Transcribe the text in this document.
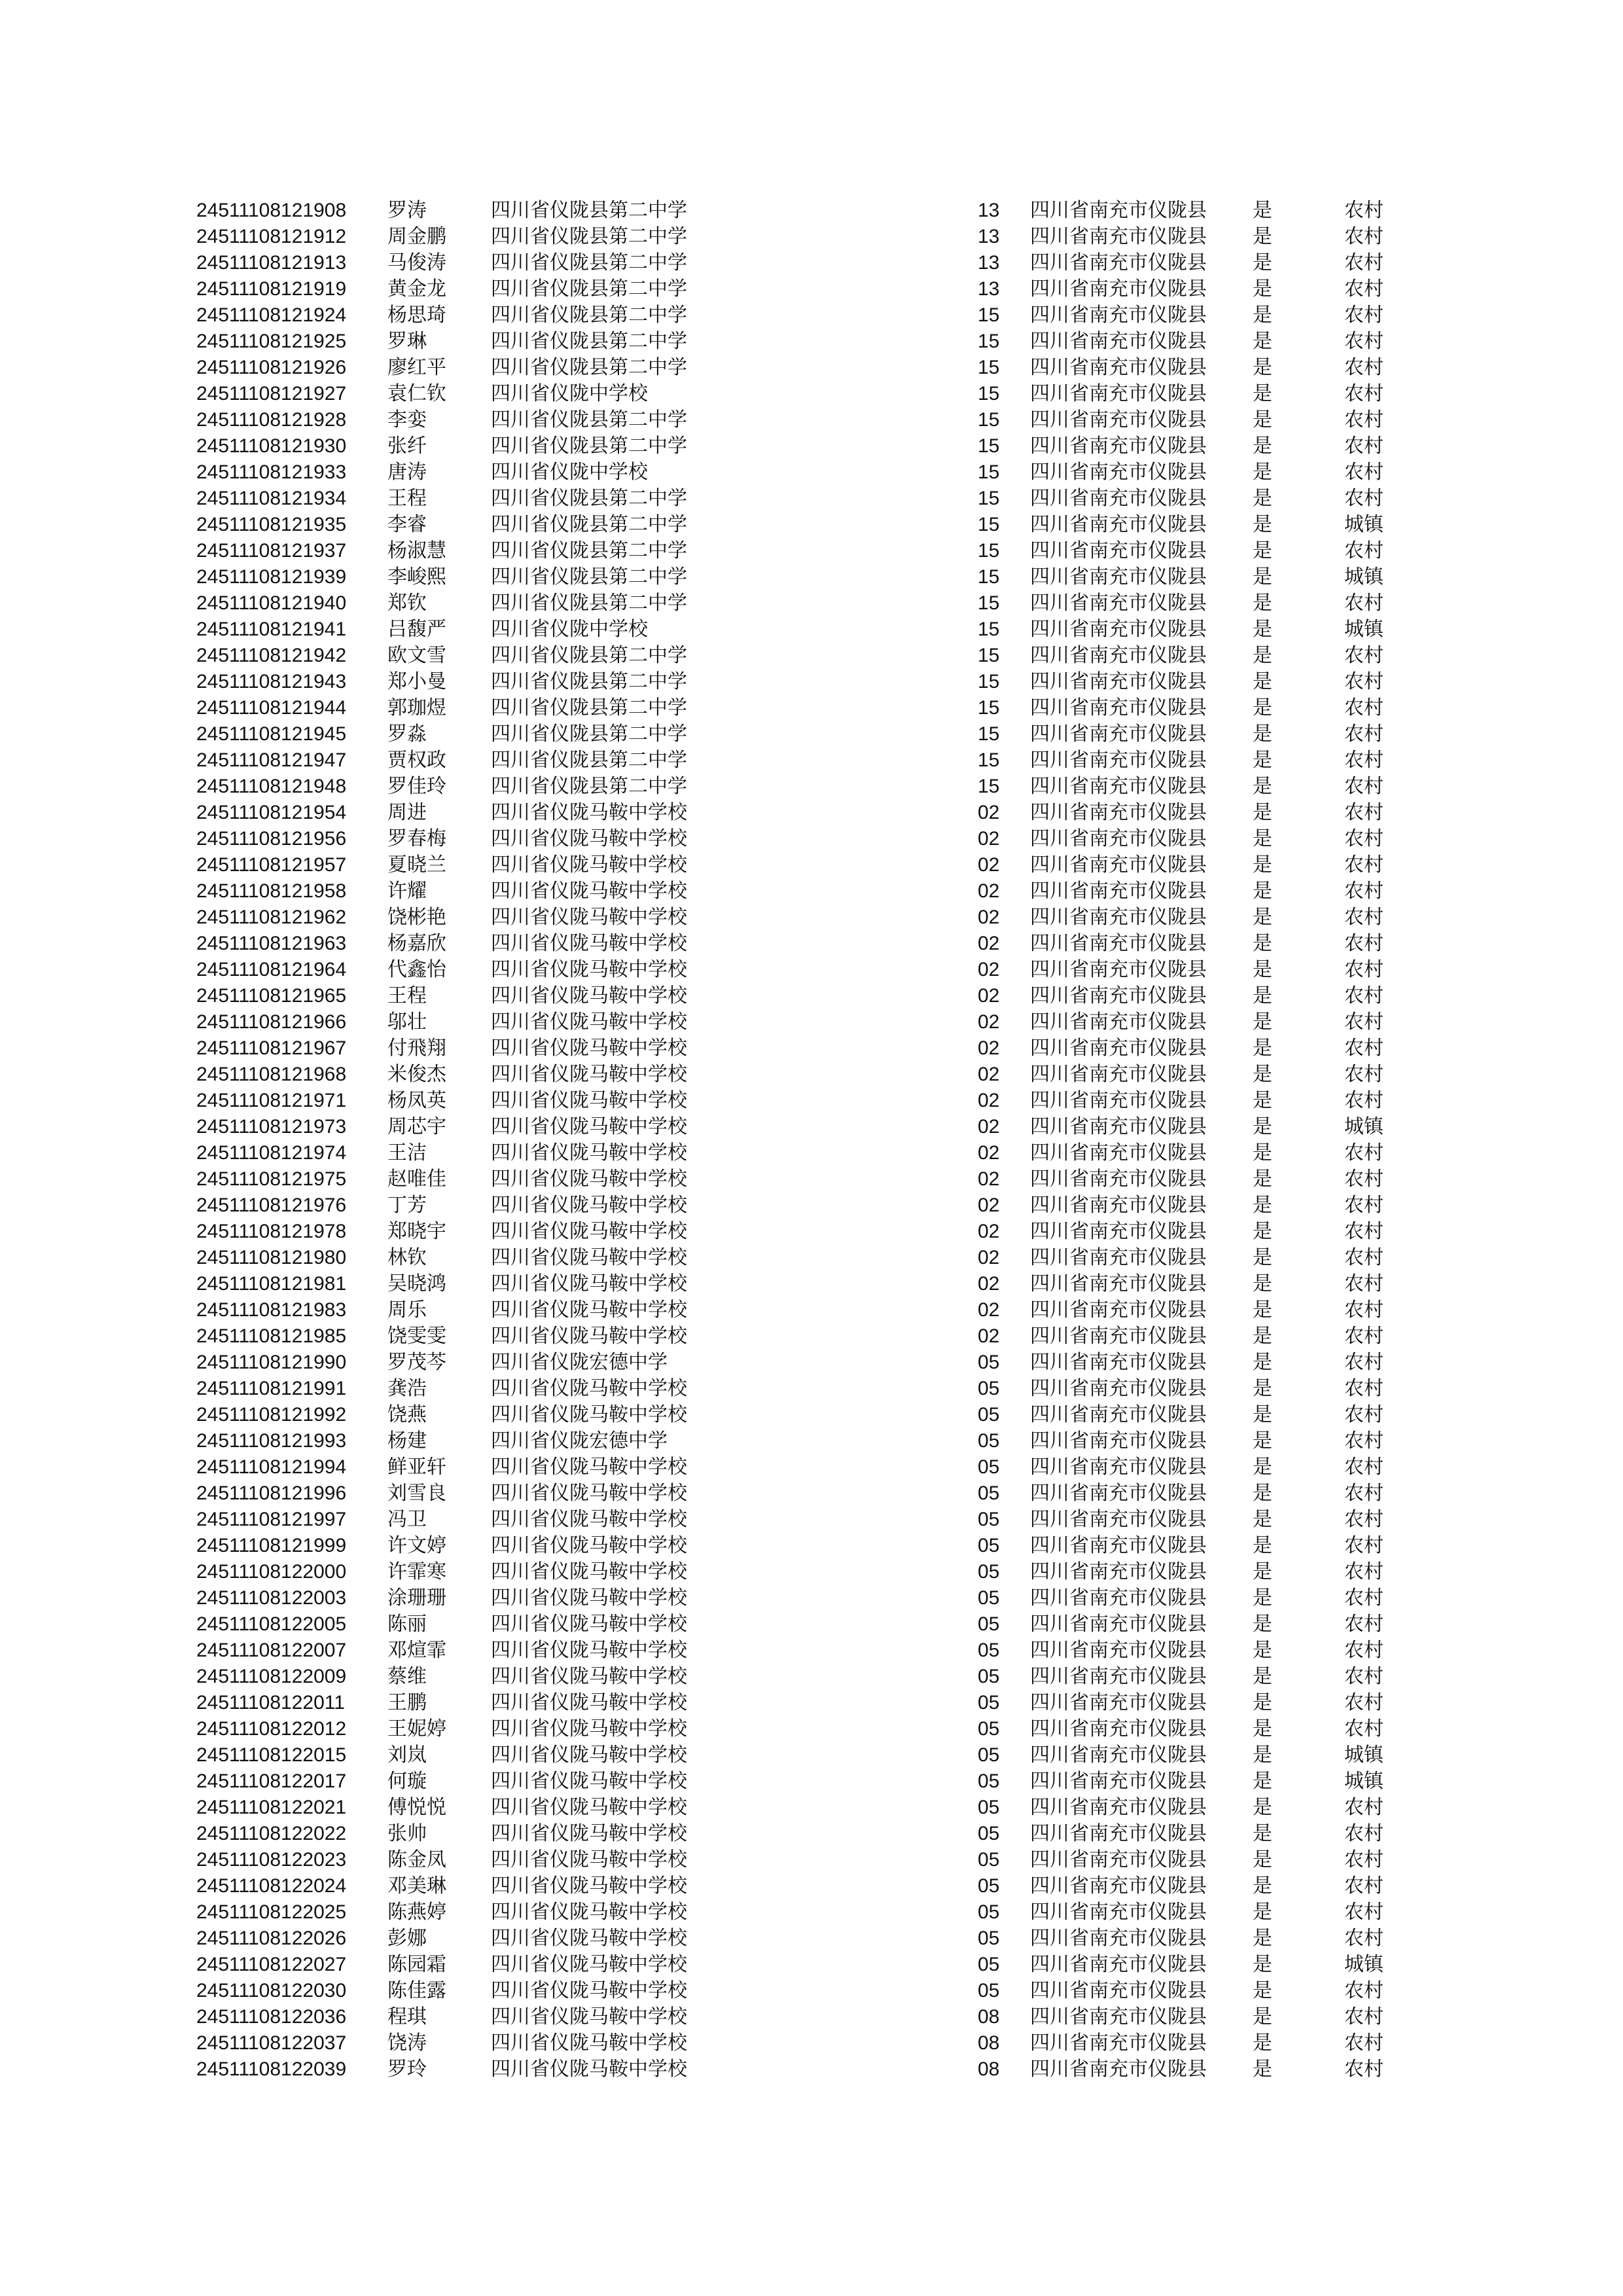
24511108121908	罗涛	四川省仪陇县第二中学	13	四川省南充市仪陇县	是	农村
24511108121912	周金鹏	四川省仪陇县第二中学	13	四川省南充市仪陇县	是	农村
24511108121913	马俊涛	四川省仪陇县第二中学	13	四川省南充市仪陇县	是	农村
24511108121919	黄金龙	四川省仪陇县第二中学	13	四川省南充市仪陇县	是	农村
24511108121924	杨思琦	四川省仪陇县第二中学	15	四川省南充市仪陇县	是	农村
24511108121925	罗琳	四川省仪陇县第二中学	15	四川省南充市仪陇县	是	农村
24511108121926	廖红平	四川省仪陇县第二中学	15	四川省南充市仪陇县	是	农村
24511108121927	袁仁钦	四川省仪陇中学校	15	四川省南充市仪陇县	是	农村
24511108121928	李娈	四川省仪陇县第二中学	15	四川省南充市仪陇县	是	农村
24511108121930	张纤	四川省仪陇县第二中学	15	四川省南充市仪陇县	是	农村
24511108121933	唐涛	四川省仪陇中学校	15	四川省南充市仪陇县	是	农村
24511108121934	王程	四川省仪陇县第二中学	15	四川省南充市仪陇县	是	农村
24511108121935	李睿	四川省仪陇县第二中学	15	四川省南充市仪陇县	是	城镇
24511108121937	杨淑慧	四川省仪陇县第二中学	15	四川省南充市仪陇县	是	农村
24511108121939	李峻熙	四川省仪陇县第二中学	15	四川省南充市仪陇县	是	城镇
24511108121940	郑钦	四川省仪陇县第二中学	15	四川省南充市仪陇县	是	农村
24511108121941	吕馥严	四川省仪陇中学校	15	四川省南充市仪陇县	是	城镇
24511108121942	欧文雪	四川省仪陇县第二中学	15	四川省南充市仪陇县	是	农村
24511108121943	郑小曼	四川省仪陇县第二中学	15	四川省南充市仪陇县	是	农村
24511108121944	郭珈煜	四川省仪陇县第二中学	15	四川省南充市仪陇县	是	农村
24511108121945	罗淼	四川省仪陇县第二中学	15	四川省南充市仪陇县	是	农村
24511108121947	贾权政	四川省仪陇县第二中学	15	四川省南充市仪陇县	是	农村
24511108121948	罗佳玲	四川省仪陇县第二中学	15	四川省南充市仪陇县	是	农村
24511108121954	周进	四川省仪陇马鞍中学校	02	四川省南充市仪陇县	是	农村
24511108121956	罗春梅	四川省仪陇马鞍中学校	02	四川省南充市仪陇县	是	农村
24511108121957	夏晓兰	四川省仪陇马鞍中学校	02	四川省南充市仪陇县	是	农村
24511108121958	许耀	四川省仪陇马鞍中学校	02	四川省南充市仪陇县	是	农村
24511108121962	饶彬艳	四川省仪陇马鞍中学校	02	四川省南充市仪陇县	是	农村
24511108121963	杨嘉欣	四川省仪陇马鞍中学校	02	四川省南充市仪陇县	是	农村
24511108121964	代鑫怡	四川省仪陇马鞍中学校	02	四川省南充市仪陇县	是	农村
24511108121965	王程	四川省仪陇马鞍中学校	02	四川省南充市仪陇县	是	农村
24511108121966	邬壮	四川省仪陇马鞍中学校	02	四川省南充市仪陇县	是	农村
24511108121967	付飛翔	四川省仪陇马鞍中学校	02	四川省南充市仪陇县	是	农村
24511108121968	米俊杰	四川省仪陇马鞍中学校	02	四川省南充市仪陇县	是	农村
24511108121971	杨凤英	四川省仪陇马鞍中学校	02	四川省南充市仪陇县	是	农村
24511108121973	周芯宇	四川省仪陇马鞍中学校	02	四川省南充市仪陇县	是	城镇
24511108121974	王洁	四川省仪陇马鞍中学校	02	四川省南充市仪陇县	是	农村
24511108121975	赵唯佳	四川省仪陇马鞍中学校	02	四川省南充市仪陇县	是	农村
24511108121976	丁芳	四川省仪陇马鞍中学校	02	四川省南充市仪陇县	是	农村
24511108121978	郑晓宇	四川省仪陇马鞍中学校	02	四川省南充市仪陇县	是	农村
24511108121980	林钦	四川省仪陇马鞍中学校	02	四川省南充市仪陇县	是	农村
24511108121981	吴晓鸿	四川省仪陇马鞍中学校	02	四川省南充市仪陇县	是	农村
24511108121983	周乐	四川省仪陇马鞍中学校	02	四川省南充市仪陇县	是	农村
24511108121985	饶雯雯	四川省仪陇马鞍中学校	02	四川省南充市仪陇县	是	农村
24511108121990	罗茂芩	四川省仪陇宏德中学	05	四川省南充市仪陇县	是	农村
24511108121991	龚浩	四川省仪陇马鞍中学校	05	四川省南充市仪陇县	是	农村
24511108121992	饶燕	四川省仪陇马鞍中学校	05	四川省南充市仪陇县	是	农村
24511108121993	杨建	四川省仪陇宏德中学	05	四川省南充市仪陇县	是	农村
24511108121994	鲜亚轩	四川省仪陇马鞍中学校	05	四川省南充市仪陇县	是	农村
24511108121996	刘雪良	四川省仪陇马鞍中学校	05	四川省南充市仪陇县	是	农村
24511108121997	冯卫	四川省仪陇马鞍中学校	05	四川省南充市仪陇县	是	农村
24511108121999	许文婷	四川省仪陇马鞍中学校	05	四川省南充市仪陇县	是	农村
24511108122000	许霏寒	四川省仪陇马鞍中学校	05	四川省南充市仪陇县	是	农村
24511108122003	涂珊珊	四川省仪陇马鞍中学校	05	四川省南充市仪陇县	是	农村
24511108122005	陈丽	四川省仪陇马鞍中学校	05	四川省南充市仪陇县	是	农村
24511108122007	邓煊霏	四川省仪陇马鞍中学校	05	四川省南充市仪陇县	是	农村
24511108122009	蔡维	四川省仪陇马鞍中学校	05	四川省南充市仪陇县	是	农村
24511108122011	王鹏	四川省仪陇马鞍中学校	05	四川省南充市仪陇县	是	农村
24511108122012	王妮婷	四川省仪陇马鞍中学校	05	四川省南充市仪陇县	是	农村
24511108122015	刘岚	四川省仪陇马鞍中学校	05	四川省南充市仪陇县	是	城镇
24511108122017	何璇	四川省仪陇马鞍中学校	05	四川省南充市仪陇县	是	城镇
24511108122021	傅悦悦	四川省仪陇马鞍中学校	05	四川省南充市仪陇县	是	农村
24511108122022	张帅	四川省仪陇马鞍中学校	05	四川省南充市仪陇县	是	农村
24511108122023	陈金凤	四川省仪陇马鞍中学校	05	四川省南充市仪陇县	是	农村
24511108122024	邓美琳	四川省仪陇马鞍中学校	05	四川省南充市仪陇县	是	农村
24511108122025	陈燕婷	四川省仪陇马鞍中学校	05	四川省南充市仪陇县	是	农村
24511108122026	彭娜	四川省仪陇马鞍中学校	05	四川省南充市仪陇县	是	农村
24511108122027	陈园霜	四川省仪陇马鞍中学校	05	四川省南充市仪陇县	是	城镇
24511108122030	陈佳露	四川省仪陇马鞍中学校	05	四川省南充市仪陇县	是	农村
24511108122036	程琪	四川省仪陇马鞍中学校	08	四川省南充市仪陇县	是	农村
24511108122037	饶涛	四川省仪陇马鞍中学校	08	四川省南充市仪陇县	是	农村
24511108122039	罗玲	四川省仪陇马鞍中学校	08	四川省南充市仪陇县	是	农村
